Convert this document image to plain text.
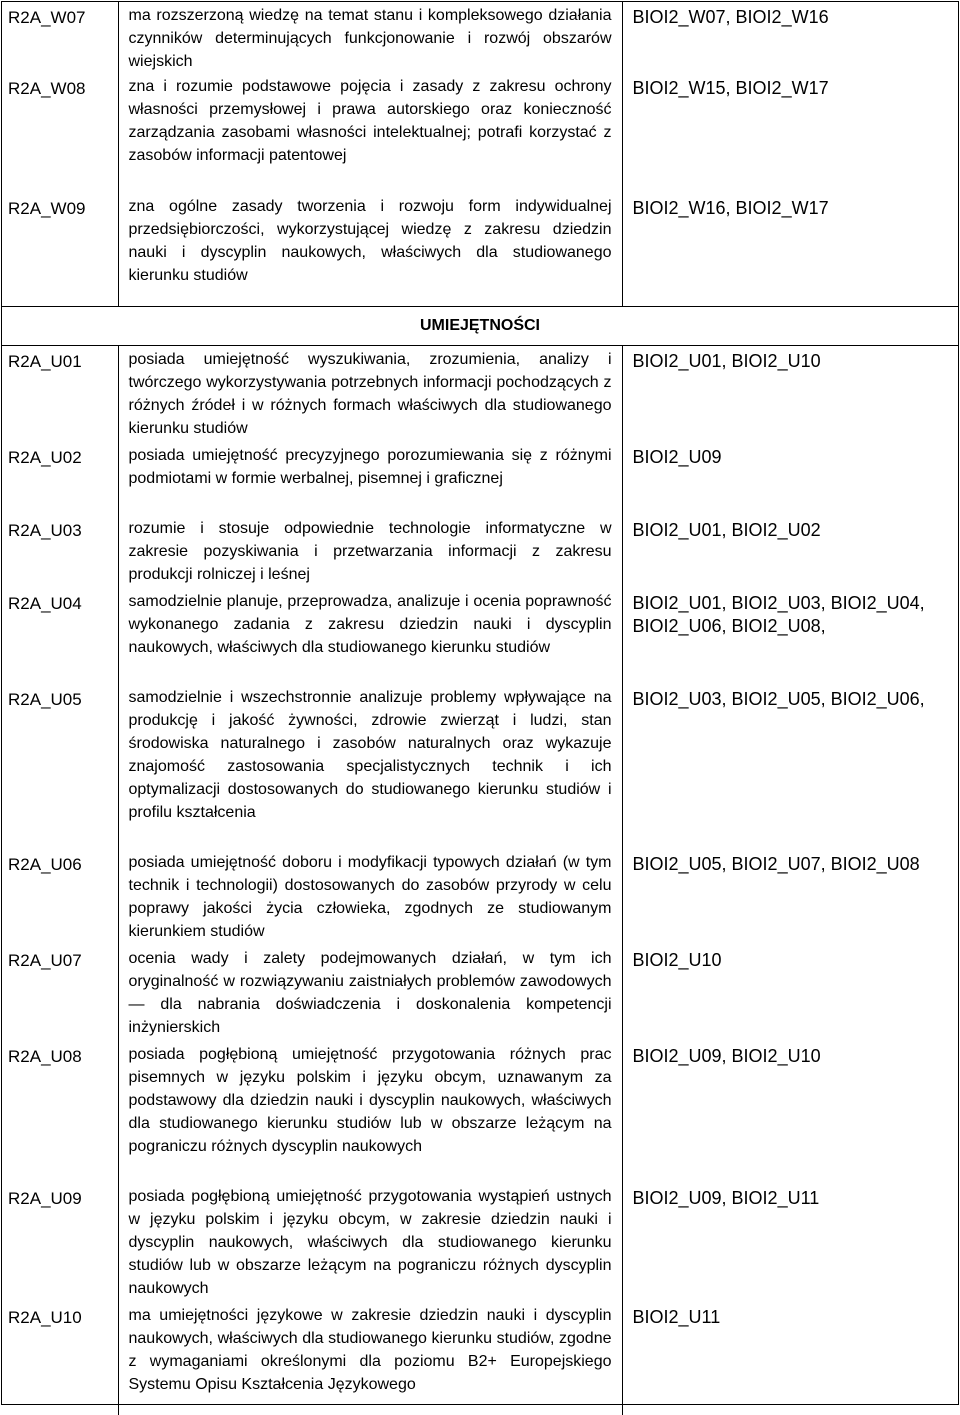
R2A_W07	ma rozszerzoną wiedzę na temat stanu i kompleksowego działania czynników determinujących funkcjonowanie i rozwój obszarów wiejskich	BIOI2_W07, BIOI2_W16
R2A_W08	zna i rozumie podstawowe pojęcia i zasady z zakresu ochrony własności przemysłowej i prawa autorskiego oraz konieczność zarządzania zasobami własności intelektualnej; potrafi korzystać z zasobów informacji patentowej	BIOI2_W15, BIOI2_W17
R2A_W09	zna ogólne zasady tworzenia i rozwoju form indywidualnej przedsiębiorczości, wykorzystującej wiedzę z zakresu dziedzin nauki i dyscyplin naukowych, właściwych dla studiowanego kierunku studiów	BIOI2_W16, BIOI2_W17

UMIEJĘTNOŚCI		

R2A_U01	posiada umiejętność wyszukiwania, zrozumienia, analizy i twórczego wykorzystywania potrzebnych informacji pochodzących z różnych źródeł i w różnych formach właściwych dla studiowanego kierunku studiów	BIOI2_U01, BIOI2_U10
R2A_U02	posiada umiejętność precyzyjnego porozumiewania się z różnymi podmiotami w formie werbalnej, pisemnej i graficznej	BIOI2_U09
R2A_U03	rozumie i stosuje odpowiednie technologie informatyczne w zakresie pozyskiwania i przetwarzania informacji z zakresu produkcji rolniczej i leśnej	BIOI2_U01, BIOI2_U02
R2A_U04	samodzielnie planuje, przeprowadza, analizuje i ocenia poprawność wykonanego zadania z zakresu dziedzin nauki i dyscyplin naukowych, właściwych dla studiowanego kierunku studiów	BIOI2_U01, BIOI2_U03, BIOI2_U04, BIOI2_U06, BIOI2_U08,
R2A_U05	samodzielnie i wszechstronnie analizuje problemy wpływające na produkcję i jakość żywności, zdrowie zwierząt i ludzi, stan środowiska naturalnego i zasobów naturalnych oraz wykazuje znajomość zastosowania specjalistycznych technik i ich optymalizacji dostosowanych do studiowanego kierunku studiów i profilu kształcenia	BIOI2_U03, BIOI2_U05, BIOI2_U06,
R2A_U06	posiada umiejętność doboru i modyfikacji typowych działań (w tym technik i technologii) dostosowanych do zasobów przyrody w celu poprawy jakości życia człowieka, zgodnych ze studiowanym kierunkiem studiów	BIOI2_U05, BIOI2_U07, BIOI2_U08
R2A_U07	ocenia wady i zalety podejmowanych działań, w tym ich oryginalność w rozwiązywaniu zaistniałych problemów zawodowych — dla nabrania doświadczenia i doskonalenia kompetencji inżynierskich	BIOI2_U10
R2A_U08	posiada pogłębioną umiejętność przygotowania różnych prac pisemnych w języku polskim i języku obcym, uznawanym za podstawowy dla dziedzin nauki i dyscyplin naukowych, właściwych dla studiowanego kierunku studiów lub w obszarze leżącym na pograniczu różnych dyscyplin naukowych	BIOI2_U09, BIOI2_U10
R2A_U09	posiada pogłębioną umiejętność przygotowania wystąpień ustnych w języku polskim i języku obcym, w zakresie dziedzin nauki i dyscyplin naukowych, właściwych dla studiowanego kierunku studiów lub w obszarze leżącym na pograniczu różnych dyscyplin naukowych	BIOI2_U09, BIOI2_U11
R2A_U10	ma umiejętności językowe w zakresie dziedzin nauki i dyscyplin naukowych, właściwych dla studiowanego kierunku studiów, zgodne z wymaganiami określonymi dla poziomu B2+ Europejskiego Systemu Opisu Kształcenia Językowego	BIOI2_U11
